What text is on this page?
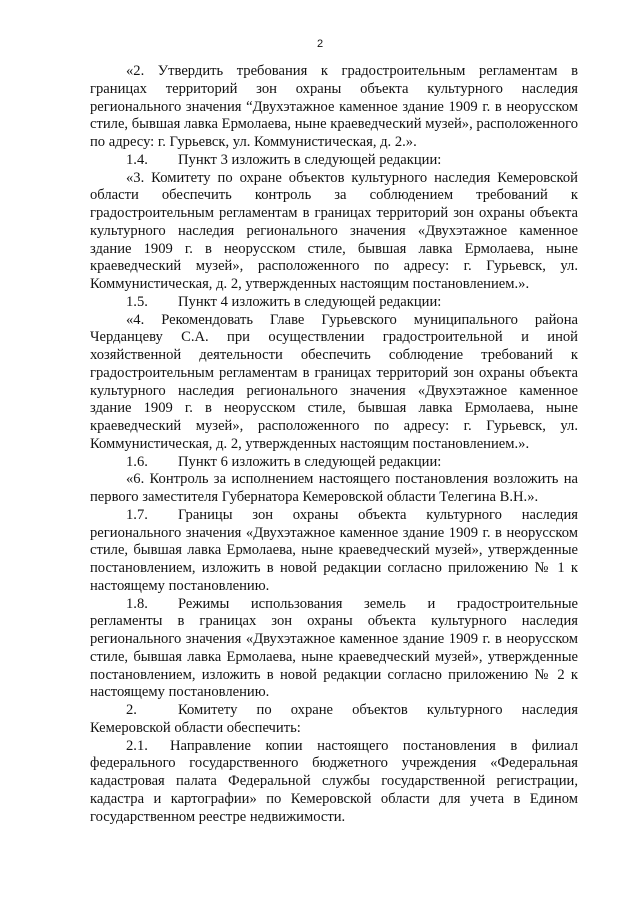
2

«2. Утвердить требования к градостроительным регламентам в границах территорий зон охраны объекта культурного наследия регионального значения “Двухэтажное каменное здание 1909 г. в неорусском стиле, бывшая лавка Ермолаева, ныне краеведческий музей», расположенного по адресу: г. Гурьевск, ул. Коммунистическая, д. 2.».

1.4. Пункт 3 изложить в следующей редакции:

«3. Комитету по охране объектов культурного наследия Кемеровской области обеспечить контроль за соблюдением требований к градостроительным регламентам в границах территорий зон охраны объекта культурного наследия регионального значения «Двухэтажное каменное здание 1909 г. в неорусском стиле, бывшая лавка Ермолаева, ныне краеведческий музей», расположенного по адресу: г. Гурьевск, ул. Коммунистическая, д. 2, утвержденных настоящим постановлением.».

1.5. Пункт 4 изложить в следующей редакции:

«4. Рекомендовать Главе Гурьевского муниципального района Черданцеву С.А. при осуществлении градостроительной и иной хозяйственной деятельности обеспечить соблюдение требований к градостроительным регламентам в границах территорий зон охраны объекта культурного наследия регионального значения «Двухэтажное каменное здание 1909 г. в неорусском стиле, бывшая лавка Ермолаева, ныне краеведческий музей», расположенного по адресу: г. Гурьевск, ул. Коммунистическая, д. 2, утвержденных настоящим постановлением.».

1.6. Пункт 6 изложить в следующей редакции:

«6. Контроль за исполнением настоящего постановления возложить на первого заместителя Губернатора Кемеровской области Телегина В.Н.».

1.7. Границы зон охраны объекта культурного наследия регионального значения «Двухэтажное каменное здание 1909 г. в неорусском стиле, бывшая лавка Ермолаева, ныне краеведческий музей», утвержденные постановлением, изложить в новой редакции согласно приложению № 1 к настоящему постановлению.

1.8. Режимы использования земель и градостроительные регламенты в границах зон охраны объекта культурного наследия регионального значения «Двухэтажное каменное здание 1909 г. в неорусском стиле, бывшая лавка Ермолаева, ныне краеведческий музей», утвержденные постановлением, изложить в новой редакции согласно приложению № 2 к настоящему постановлению.

2.	Комитету по охране объектов культурного наследия Кемеровской области обеспечить:

2.1. Направление копии настоящего постановления в филиал федерального государственного бюджетного учреждения «Федеральная кадастровая палата Федеральной службы государственной регистрации, кадастра и картографии» по Кемеровской области для учета в Едином государственном реестре недвижимости.
